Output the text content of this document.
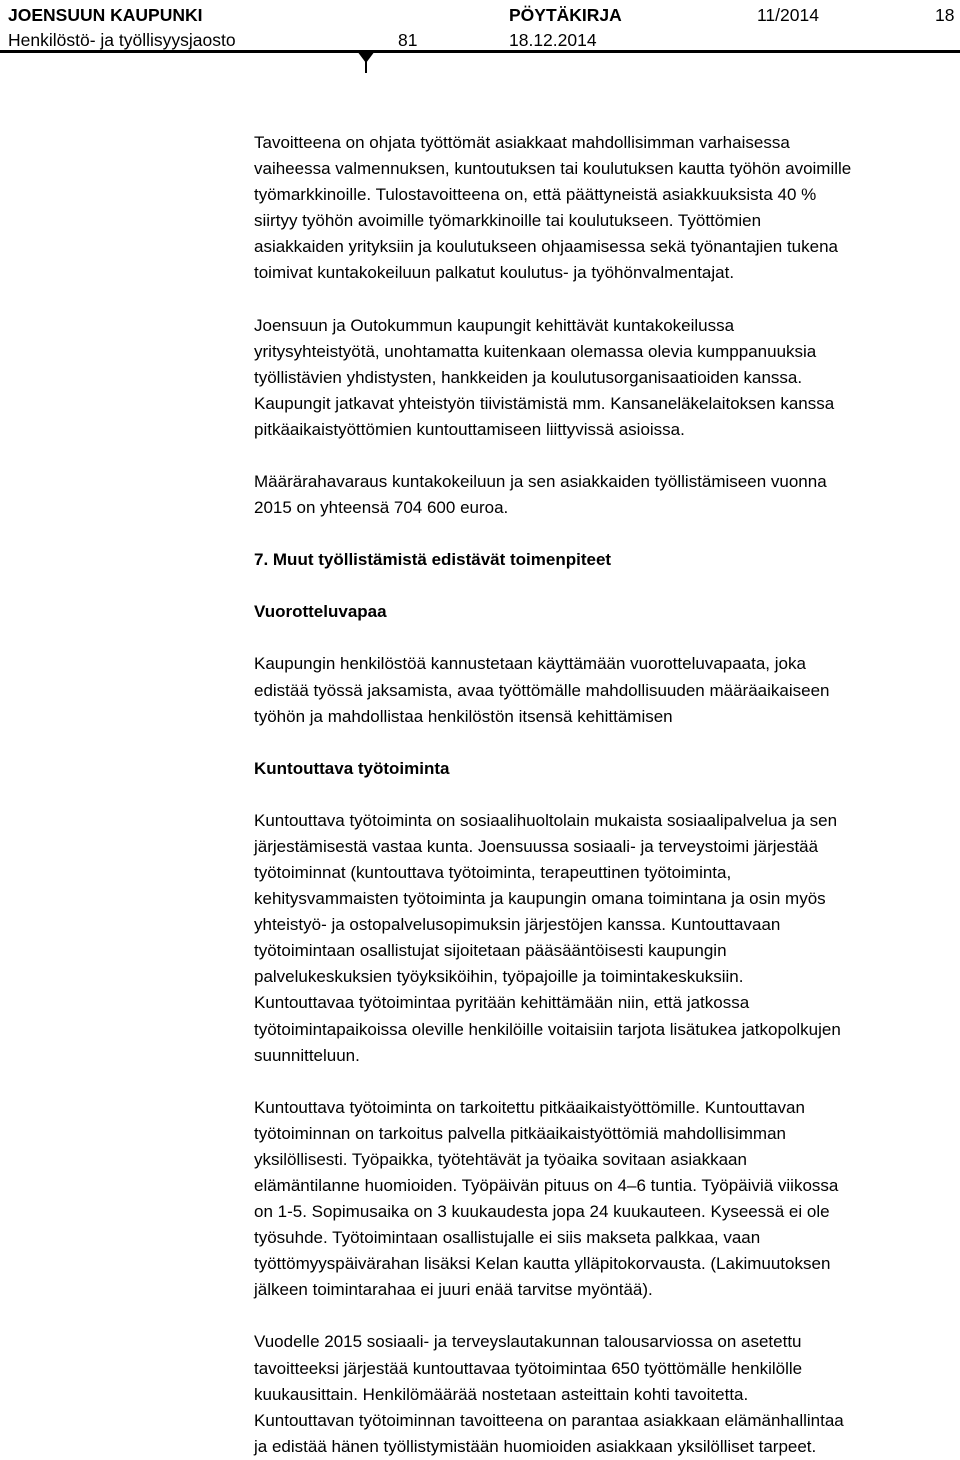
JOENSUUN KAUPUNKI	PÖYTÄKIRJA	11/2014	18
Henkilöstö- ja työllisyysjaosto	81	18.12.2014

Tavoitteena on ohjata työttömät asiakkaat mahdollisimman varhaisessa
vaiheessa valmennuksen, kuntoutuksen tai koulutuksen kautta työhön avoimille
työmarkkinoille. Tulostavoitteena on, että päättyneistä asiakkuuksista 40 %
siirtyy työhön avoimille työmarkkinoille tai koulutukseen. Työttömien
asiakkaiden yrityksiin ja koulutukseen ohjaamisessa sekä työnantajien tukena
toimivat kuntakokeiluun palkatut koulutus- ja työhönvalmentajat.

Joensuun ja Outokummun kaupungit kehittävät kuntakokeilussa
yritysyhteistyötä, unohtamatta kuitenkaan olemassa olevia kumppanuuksia
työllistävien yhdistysten, hankkeiden ja koulutusorganisaatioiden kanssa.
Kaupungit jatkavat yhteistyön tiivistämistä mm. Kansaneläkelaitoksen kanssa
pitkäaikaistyöttömien kuntouttamiseen liittyvissä asioissa.

Määrärahavaraus kuntakokeiluun ja sen asiakkaiden työllistämiseen vuonna
2015 on yhteensä 704 600 euroa.

7. Muut työllistämistä edistävät toimenpiteet
Vuorotteluvapaa

Kaupungin henkilöstöä kannustetaan käyttämään vuorotteluvapaata, joka
edistää työssä jaksamista, avaa työttömälle mahdollisuuden määräaikaiseen
työhön ja mahdollistaa henkilöstön itsensä kehittämisen

Kuntouttava työtoiminta

Kuntouttava työtoiminta on sosiaalihuoltolain mukaista sosiaalipalvelua ja sen
järjestämisestä vastaa kunta. Joensuussa sosiaali- ja terveystoimi järjestää
työtoiminnat (kuntouttava työtoiminta, terapeuttinen työtoiminta,
kehitysvammaisten työtoiminta ja kaupungin omana toimintana ja osin myös
yhteistyö- ja ostopalvelusopimuksin järjestöjen kanssa. Kuntouttavaan
työtoimintaan osallistujat sijoitetaan pääsääntöisesti kaupungin
palvelukeskuksien työyksiköihin, työpajoille ja toimintakeskuksiin.
Kuntouttavaa työtoimintaa pyritään kehittämään niin, että jatkossa
työtoimintapaikoissa oleville henkilöille voitaisiin tarjota lisätukea jatkopolkujen
suunnitteluun.

Kuntouttava työtoiminta on tarkoitettu pitkäaikaistyöttömille. Kuntouttavan
työtoiminnan on tarkoitus palvella pitkäaikaistyöttömiä mahdollisimman
yksilöllisesti. Työpaikka, työtehtävät ja työaika sovitaan asiakkaan
elämäntilanne huomioiden. Työpäivän pituus on 4–6 tuntia. Työpäiviä viikossa
on 1-5. Sopimusaika on 3 kuukaudesta jopa 24 kuukauteen. Kyseessä ei ole
työsuhde. Työtoimintaan osallistujalle ei siis makseta palkkaa, vaan
työttömyyspäivärahan lisäksi Kelan kautta ylläpitokorvausta. (Lakimuutoksen
jälkeen toimintarahaa ei juuri enää tarvitse myöntää).

Vuodelle 2015 sosiaali- ja terveyslautakunnan talousarviossa on asetettu
tavoitteeksi järjestää kuntouttavaa työtoimintaa 650 työttömälle henkilölle
kuukausittain. Henkilömäärää nostetaan asteittain kohti tavoitetta.
Kuntouttavan työtoiminnan tavoitteena on parantaa asiakkaan elämänhallintaa
ja edistää hänen työllistymistään huomioiden asiakkaan yksilölliset tarpeet.
